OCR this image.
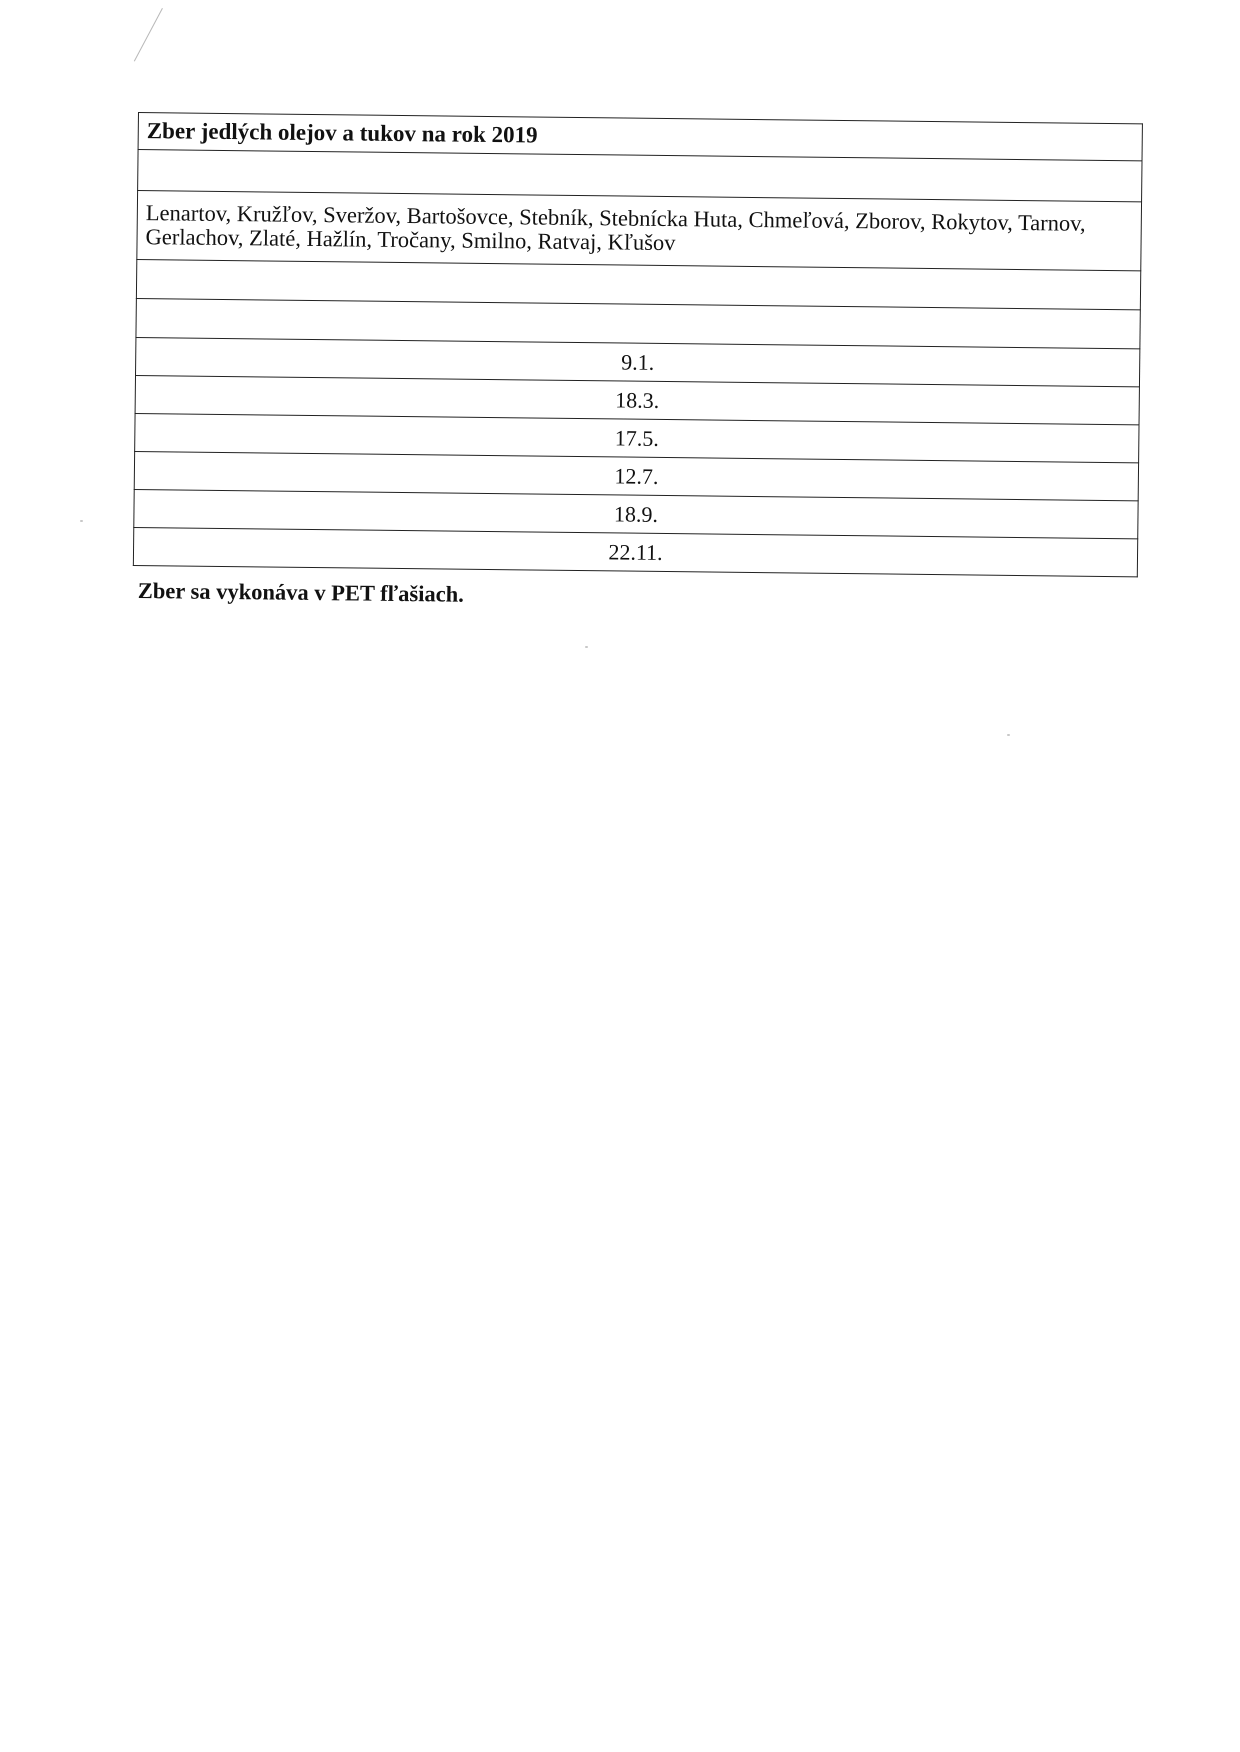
Zber jedlých olejov a tukov na rok 2019

Lenartov, Kružľov, Sveržov, Bartošovce, Stebník, Stebnícka Huta, Chmeľová, Zborov, Rokytov, Tarnov, Gerlachov, Zlaté, Hažlín, Tročany, Smilno, Ratvaj, Kľušov

9.1.
18.3.
17.5.
12.7.
18.9.
22.11.
Zber sa vykonáva v PET fľašiach.
